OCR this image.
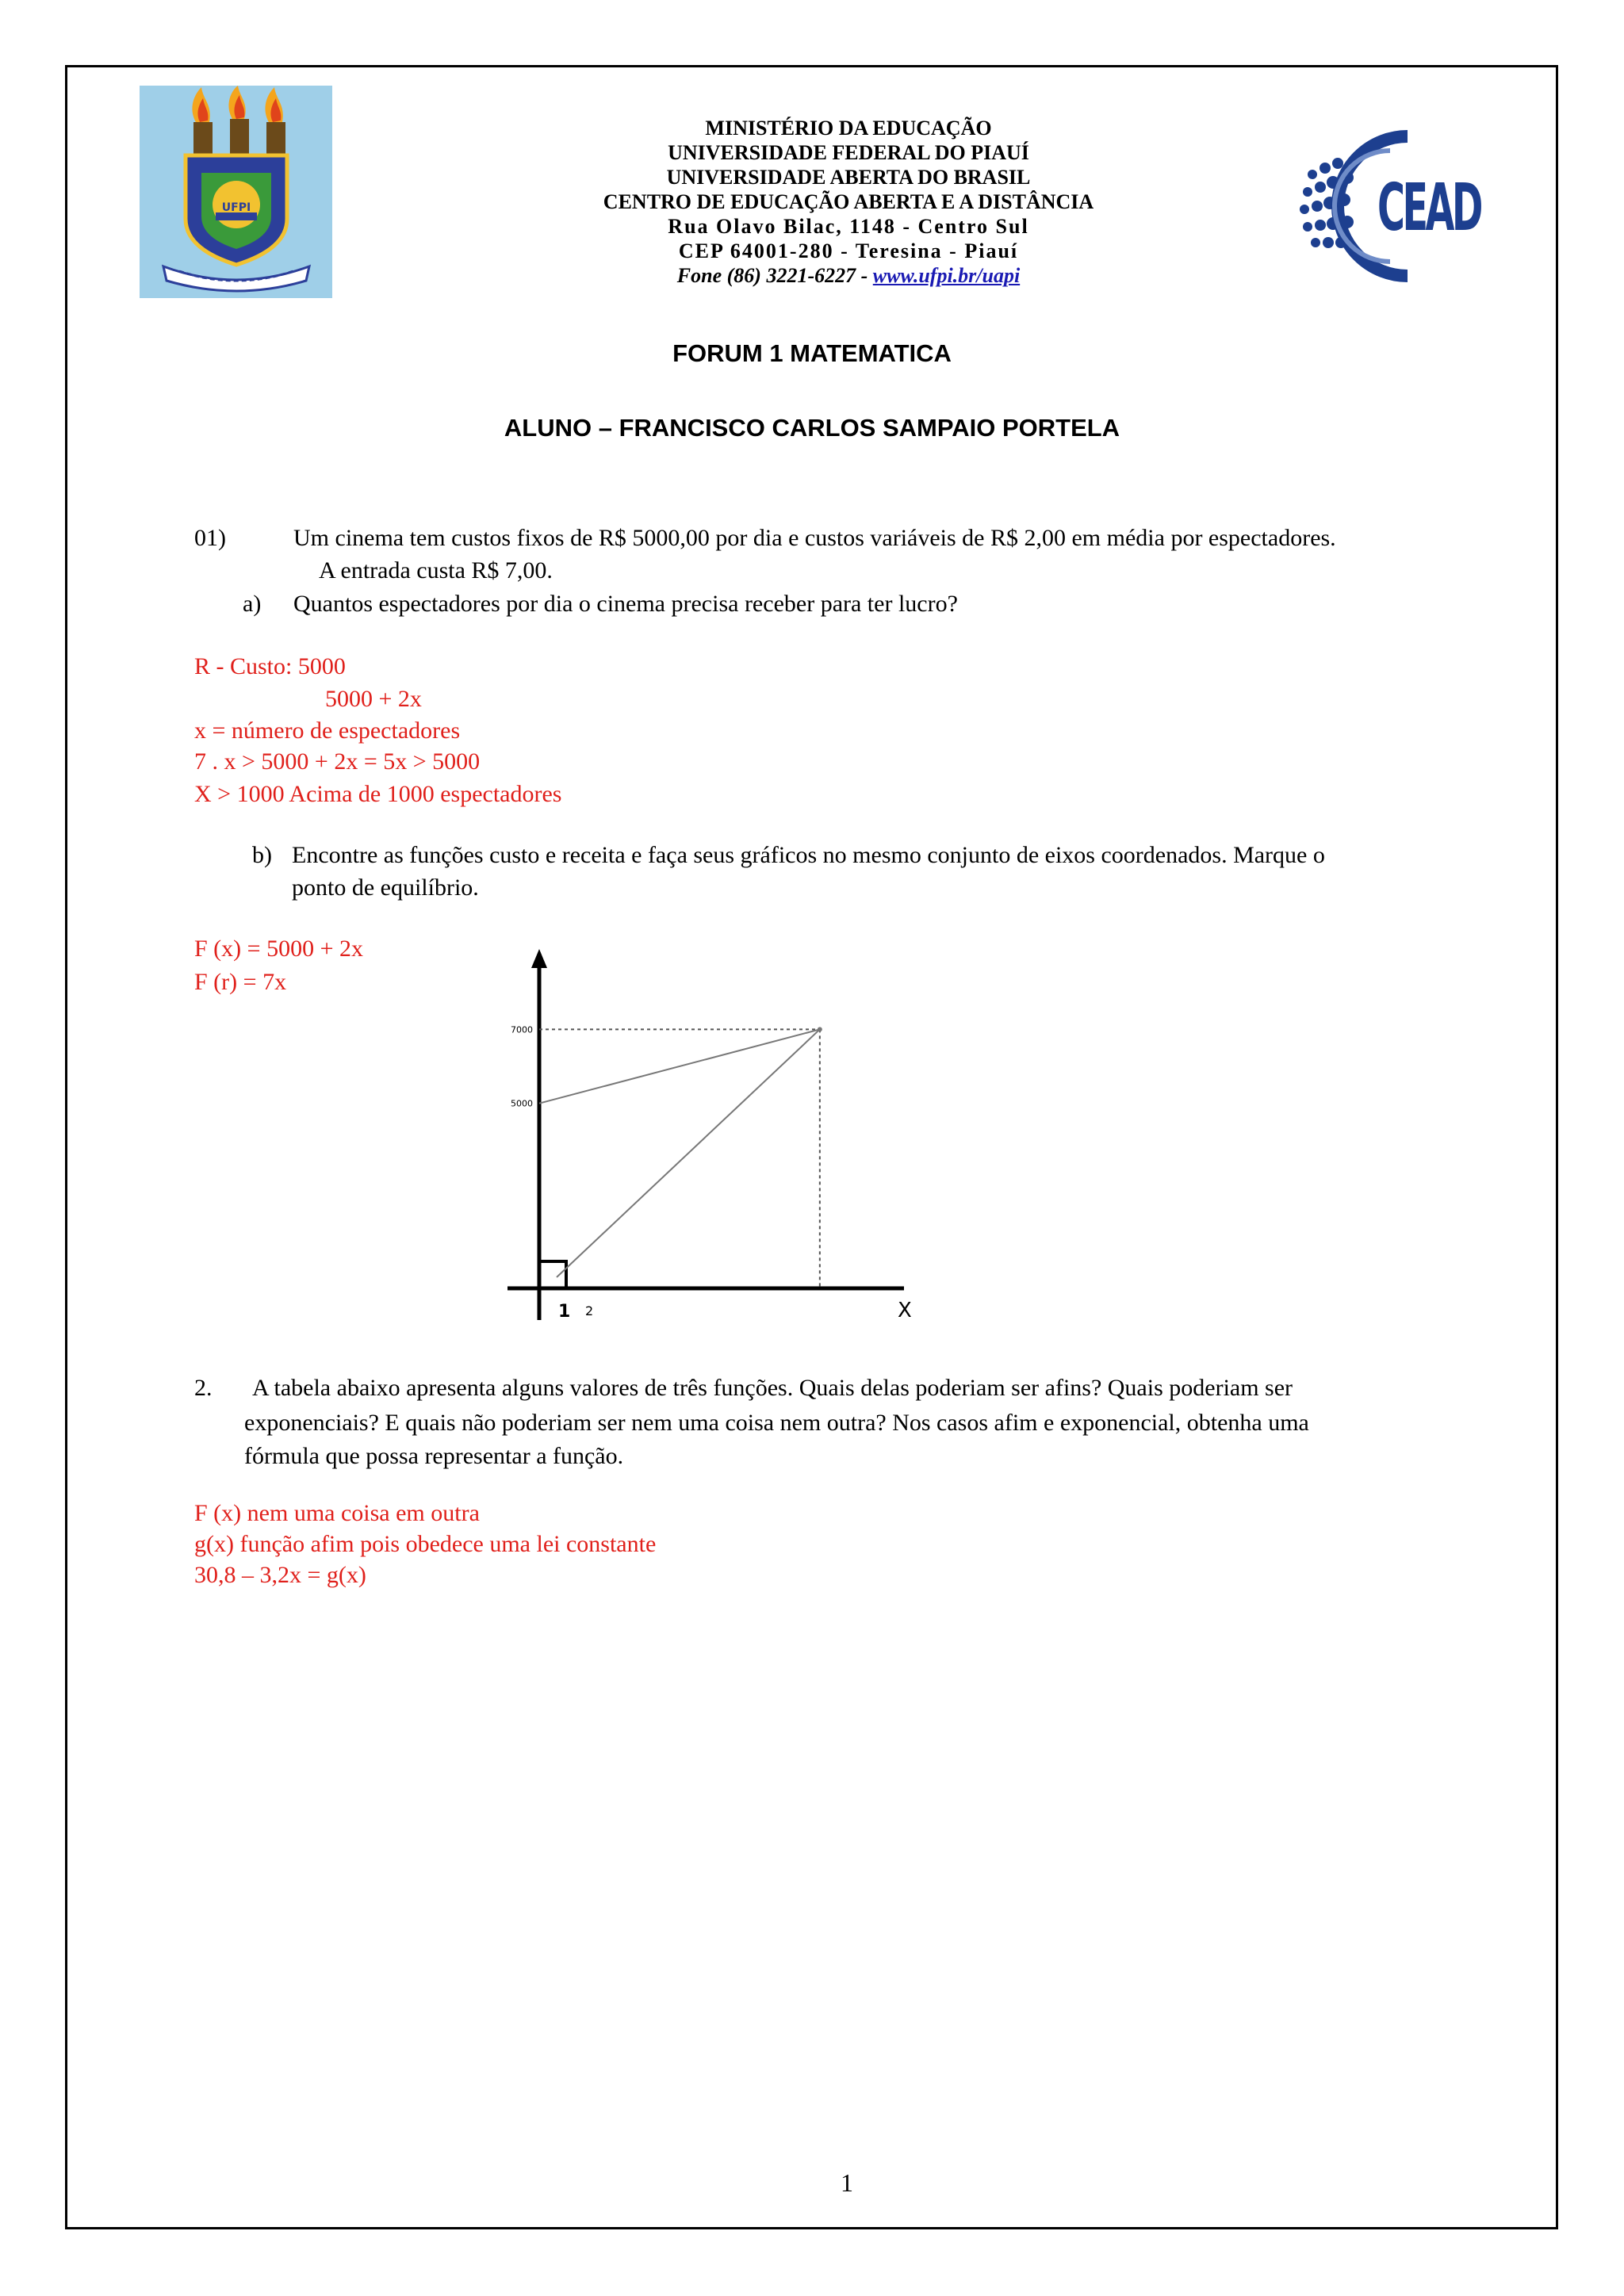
UFPI	CEAD
MINISTÉRIO DA EDUCAÇÃO
UNIVERSIDADE FEDERAL DO PIAUÍ
UNIVERSIDADE ABERTA DO BRASIL
CENTRO DE EDUCAÇÃO ABERTA E A DISTÂNCIA
Rua Olavo Bilac, 1148 - Centro Sul
CEP 64001-280 - Teresina - Piauí
Fone (86) 3221-6227 - www.ufpi.br/uapi
FORUM 1 MATEMATICA
ALUNO – FRANCISCO CARLOS SAMPAIO PORTELA
01)	Um cinema tem custos fixos de R$ 5000,00 por dia e custos variáveis de R$ 2,00 em média por espectadores.
A entrada custa R$ 7,00.
a) Quantos espectadores por dia o cinema precisa receber para ter lucro?
R - Custo: 5000
5000 + 2x
x = número de espectadores
7 . x > 5000 + 2x = 5x > 5000
X > 1000 Acima de 1000 espectadores
b) Encontre as funções custo e receita e faça seus gráficos no mesmo conjunto de eixos coordenados. Marque o
ponto de equilíbrio.
F (x) = 5000 + 2x
F (r) = 7x
5000
7000
1 2	X
2. A tabela abaixo apresenta alguns valores de três funções. Quais delas poderiam ser afins? Quais poderiam ser
exponenciais? E quais não poderiam ser nem uma coisa nem outra? Nos casos afim e exponencial, obtenha uma
fórmula que possa representar a função.
F (x) nem uma coisa em outra
g(x) função afim pois obedece uma lei constante
30,8 – 3,2x = g(x)
1
